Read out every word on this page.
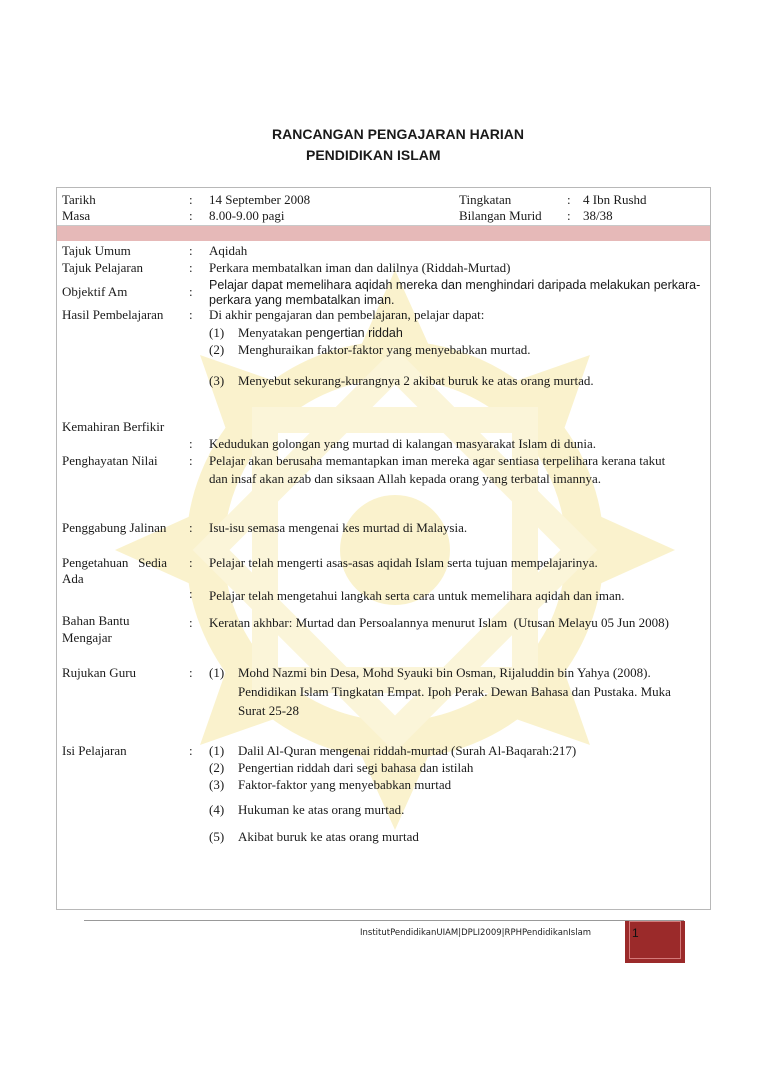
RANCANGAN PENGAJARAN HARIAN
PENDIDIKAN ISLAM
Tarikh	: 14 September 2008	Tingkatan	: 4 Ibn Rushd
Masa	: 8.00-9.00 pagi	Bilangan Murid : 38/38
Tajuk Umum	: Aqidah
Tajuk Pelajaran	: Perkara membatalkan iman dan dalilnya (Riddah-Murtad)
Objektif Am	: Pelajar dapat memelihara aqidah mereka dan menghindari daripada melakukan perkara-
perkara yang membatalkan iman.
Hasil Pembelajaran : Di akhir pengajaran dan pembelajaran, pelajar dapat:
(1) Menyatakan pengertian riddah
(2) Menghuraikan faktor-faktor yang menyebabkan murtad.
(3) Menyebut sekurang-kurangnya 2 akibat buruk ke atas orang murtad.
Kemahiran Berfikir
: Kedudukan golongan yang murtad di kalangan masyarakat Islam di dunia.
Penghayatan Nilai : Pelajar akan berusaha memantapkan iman mereka agar sentiasa terpelihara kerana takut
dan insaf akan azab dan siksaan Allah kepada orang yang terbatal imannya.
Penggabung Jalinan : Isu-isu semasa mengenai kes murtad di Malaysia.
Pengetahuan   Sedia
Ada
: Pelajar telah mengerti asas-asas aqidah Islam serta tujuan mempelajarinya.
: Pelajar telah mengetahui langkah serta cara untuk memelihara aqidah dan iman.
Bahan Bantu
Mengajar
: Keratan akhbar: Murtad dan Persoalannya menurut Islam  (Utusan Melayu 05 Jun 2008)
Rujukan Guru	: (1) Mohd Nazmi bin Desa, Mohd Syauki bin Osman, Rijaluddin bin Yahya (2008).
Pendidikan Islam Tingkatan Empat. Ipoh Perak. Dewan Bahasa dan Pustaka. Muka
Surat 25-28
Isi Pelajaran	: (1) Dalil Al-Quran mengenai riddah-murtad (Surah Al-Baqarah:217)
(2) Pengertian riddah dari segi bahasa dan istilah
(3) Faktor-faktor yang menyebabkan murtad
(4) Hukuman ke atas orang murtad.
(5) Akibat buruk ke atas orang murtad
InstitutPendidikanUIAM|DPLI2009|RPHPendidikanIslam	1
